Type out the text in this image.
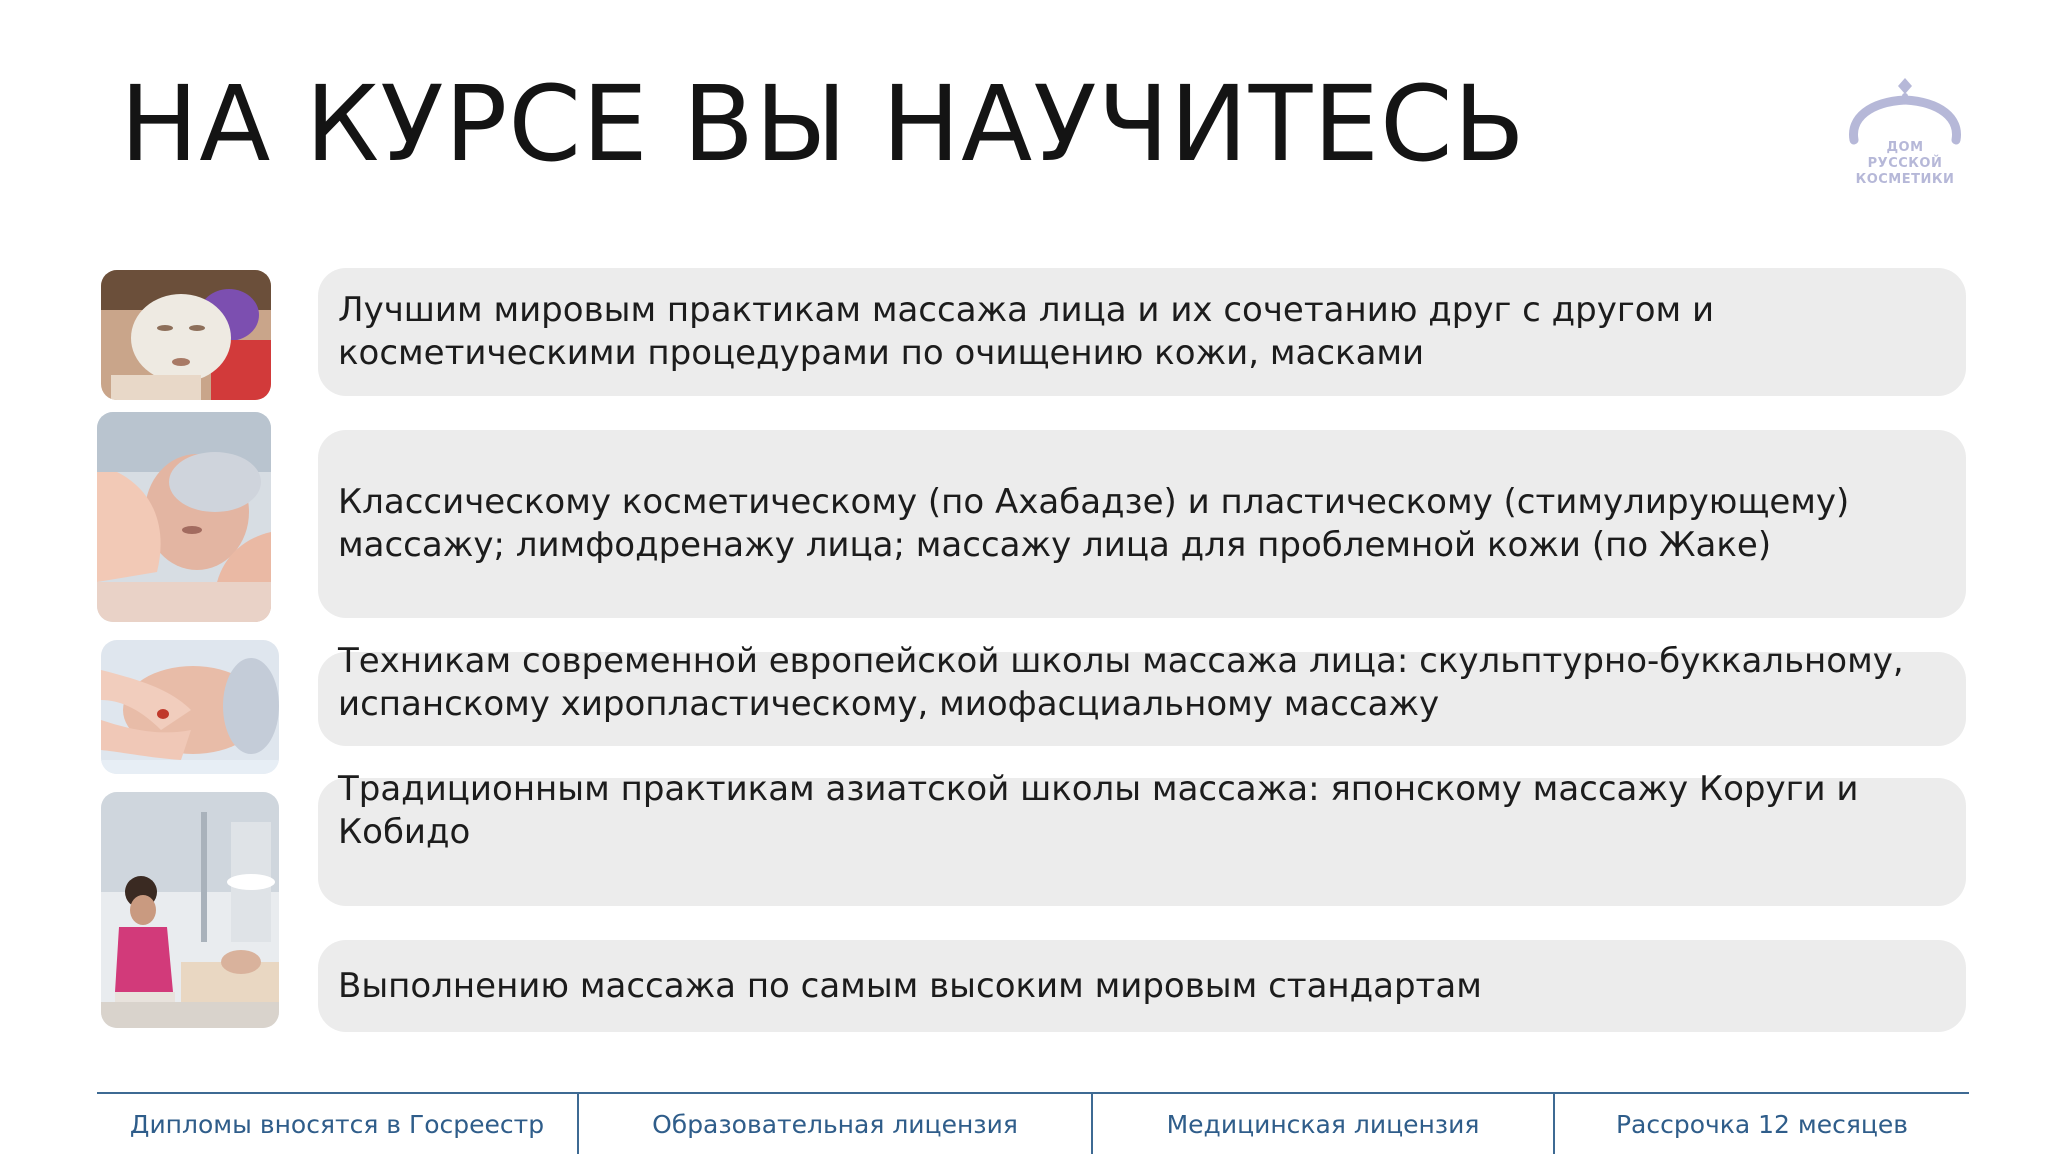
НА КУРСЕ ВЫ НАУЧИТЕСЬ	ДОМ
РУССКОЙ
КОСМЕТИКИ
Лучшим мировым практикам массажа лица и их сочетанию друг с другом и
косметическими процедурами по очищению кожи, масками
Классическому косметическому (по Ахабадзе) и пластическому (стимулирующему)
массажу; лимфодренажу лица; массажу лица для проблемной кожи (по Жаке)
Техникам современной европейской школы массажа лица: скульптурно-буккальному,
испанскому хиропластическому, миофасциальному массажу
Традиционным практикам азиатской школы массажа: японскому массажу Коруги и
Кобидо
Выполнению массажа по самым высоким мировым стандартам
Дипломы вносятся в Госреестр	Образовательная лицензия	Медицинская лицензия	Рассрочка 12 месяцев
